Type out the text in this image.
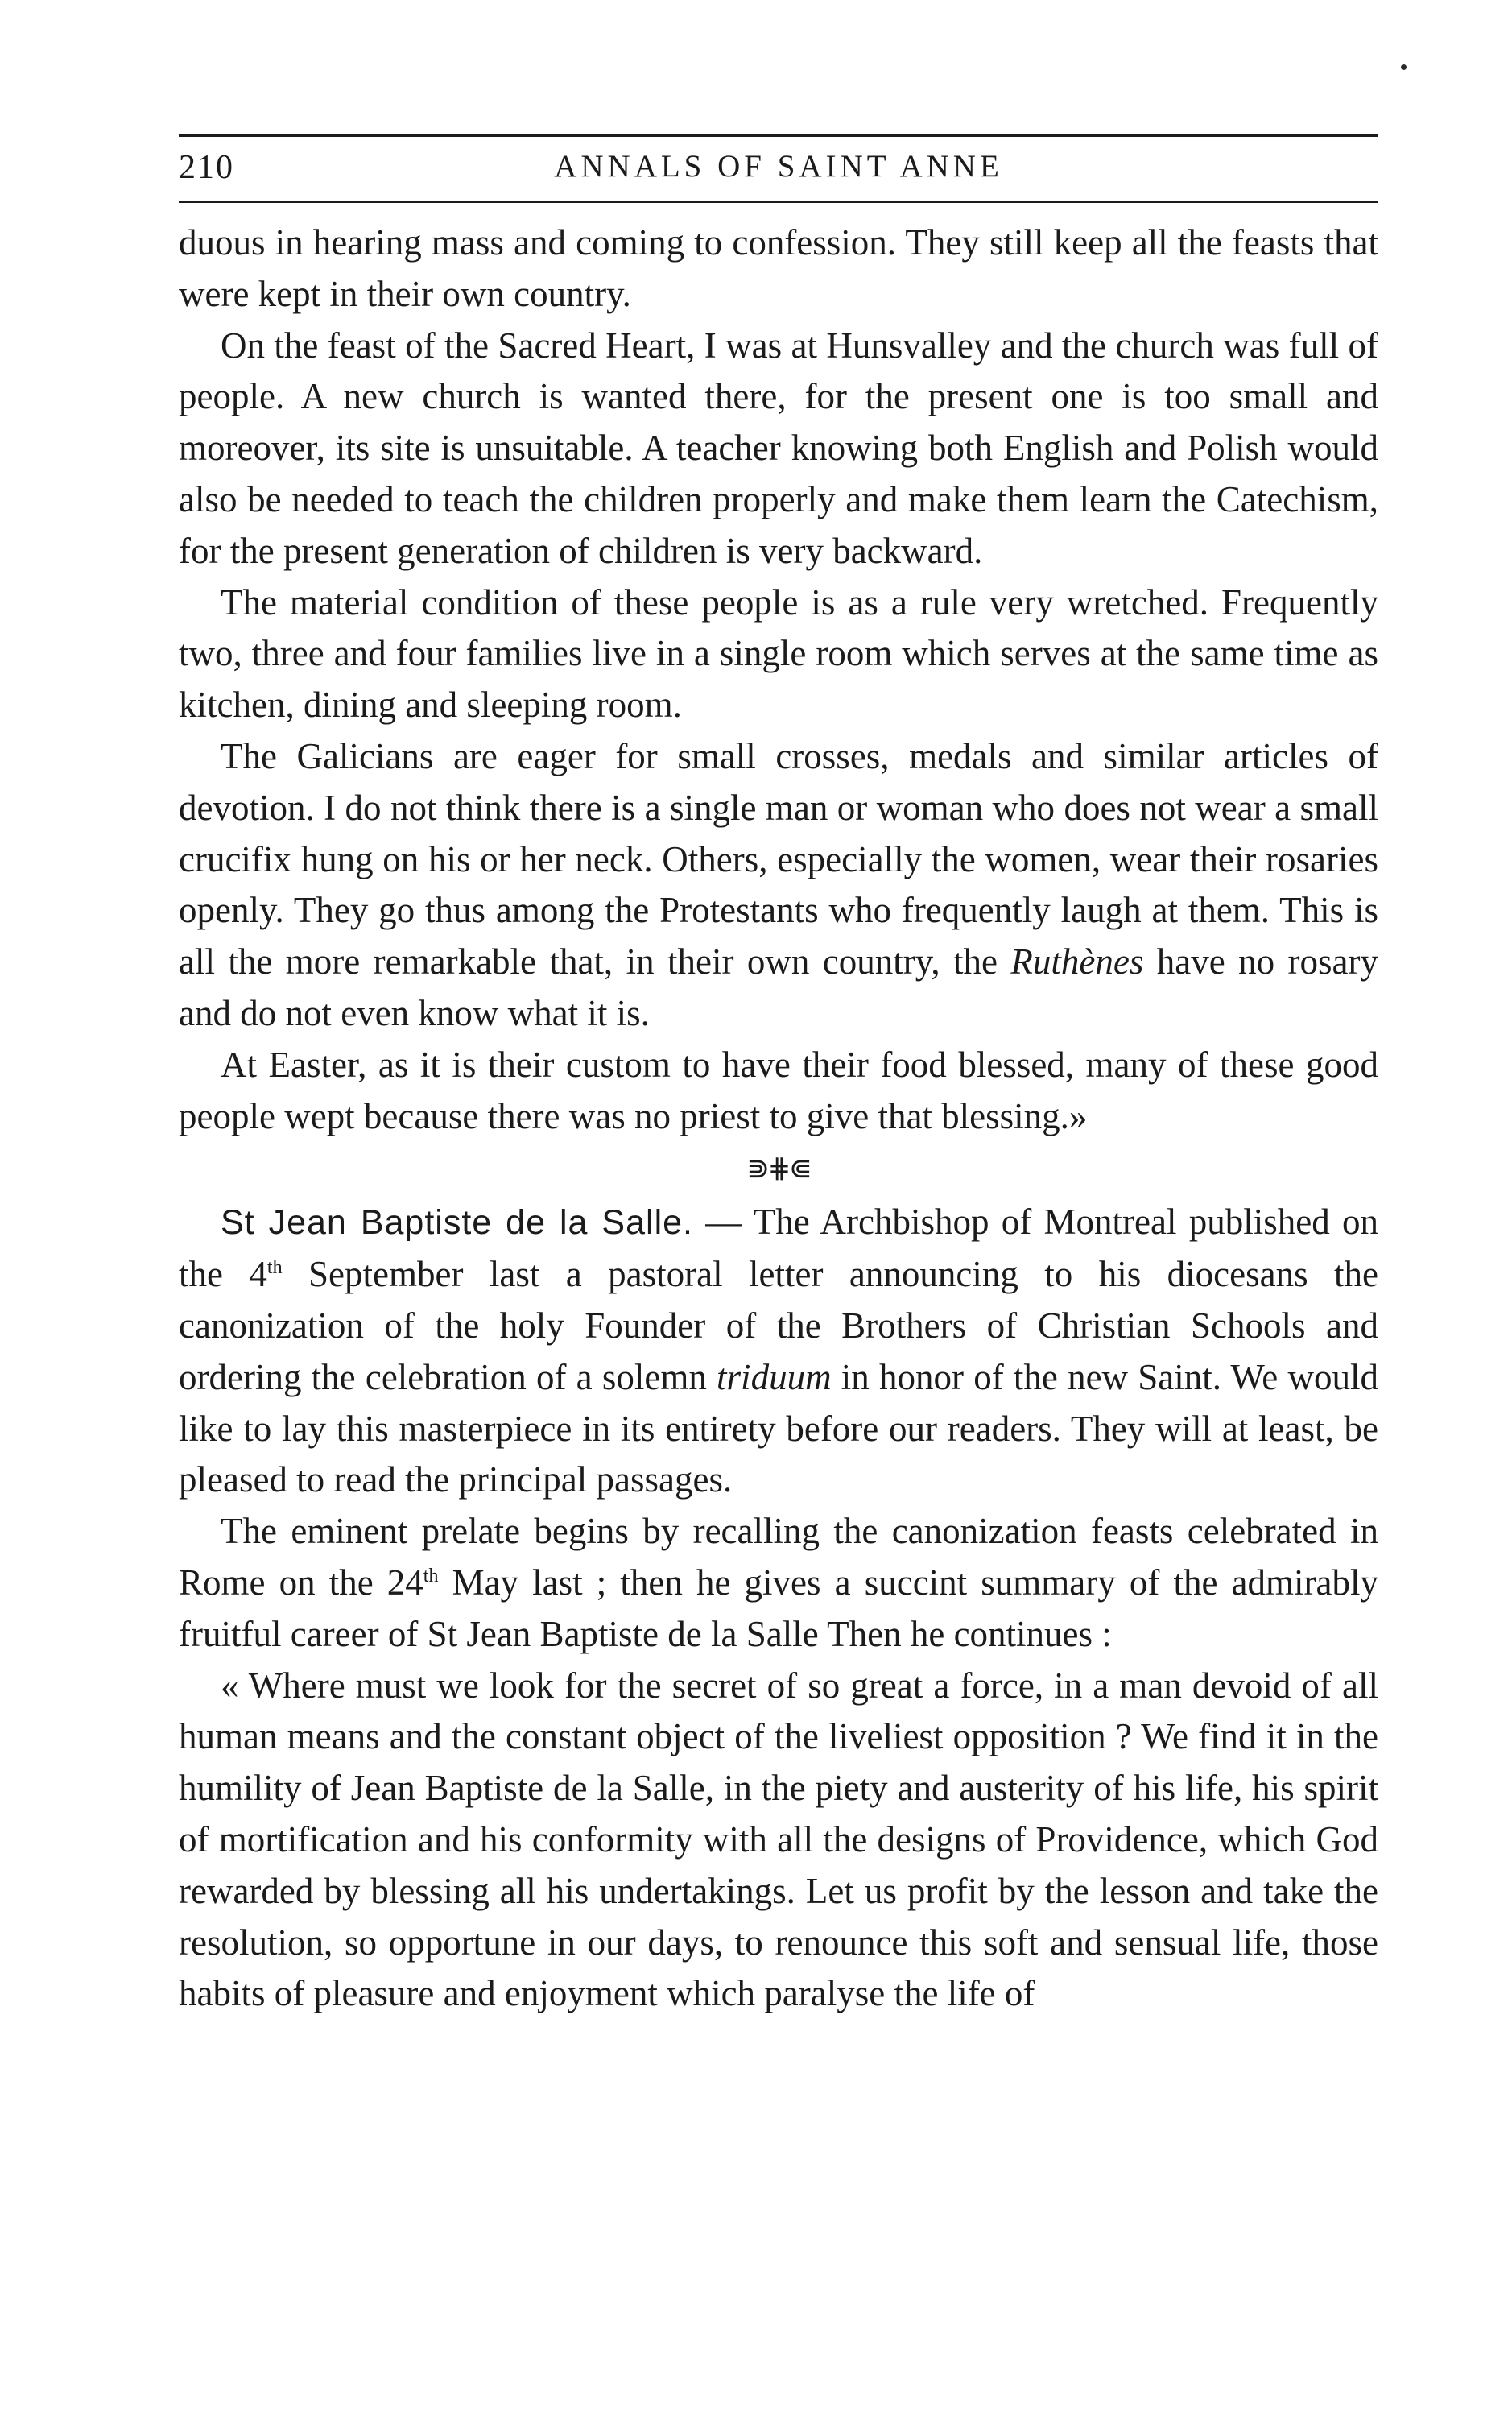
210	ANNALS OF SAINT ANNE

duous in hearing mass and coming to confession. They still keep all the feasts that were kept in their own country.

On the feast of the Sacred Heart, I was at Hunsvalley and the church was full of people. A new church is wanted there, for the present one is too small and moreover, its site is unsuitable. A teacher knowing both English and Polish would also be needed to teach the children properly and make them learn the Catechism, for the present generation of children is very backward.

The material condition of these people is as a rule very wretched. Frequently two, three and four families live in a single room which serves at the same time as kitchen, dining and sleeping room.

The Galicians are eager for small crosses, medals and similar articles of devotion. I do not think there is a single man or woman who does not wear a small crucifix hung on his or her neck. Others, especially the women, wear their rosaries openly. They go thus among the Protestants who frequently laugh at them. This is all the more remarkable that, in their own country, the Ruthènes have no rosary and do not even know what it is.

At Easter, as it is their custom to have their food blessed, many of these good people wept because there was no priest to give that blessing.»

⋑⋕⋐

St Jean Baptiste de la Salle. — The Archbishop of Montreal published on the 4th September last a pastoral letter announcing to his diocesans the canonization of the holy Founder of the Brothers of Christian Schools and ordering the celebration of a solemn triduum in honor of the new Saint. We would like to lay this masterpiece in its entirety before our readers. They will at least, be pleased to read the principal passages.

The eminent prelate begins by recalling the canonization feasts celebrated in Rome on the 24th May last ; then he gives a succint summary of the admirably fruitful career of St Jean Baptiste de la Salle Then he continues :

« Where must we look for the secret of so great a force, in a man devoid of all human means and the constant object of the liveliest opposition ? We find it in the humility of Jean Baptiste de la Salle, in the piety and austerity of his life, his spirit of mortification and his conformity with all the designs of Providence, which God rewarded by blessing all his undertakings. Let us profit by the lesson and take the resolution, so opportune in our days, to renounce this soft and sensual life, those habits of pleasure and enjoyment which paralyse the life of
